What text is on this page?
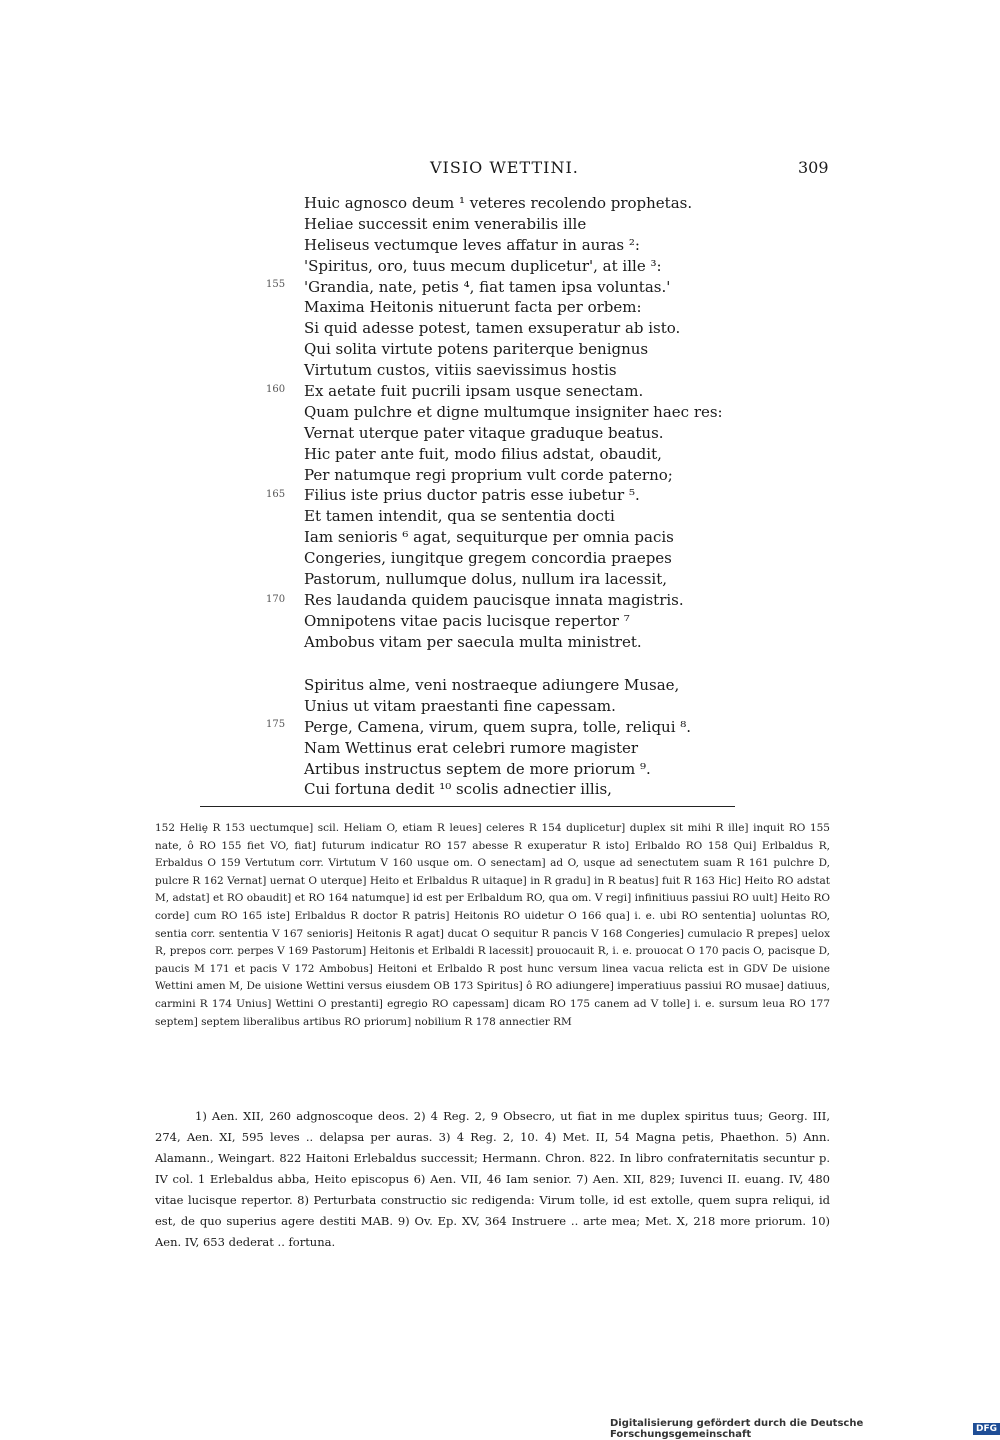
VISIO WETTINI.	309
Huic agnosco deum ¹ veteres recolendo prophetas.
Heliae successit enim venerabilis ille
Heliseus vectumque leves affatur in auras ²:
'Spiritus, oro, tuus mecum duplicetur', at ille ³:
'Grandia, nate, petis ⁴, fiat tamen ipsa voluntas.'
Maxima Heitonis nituerunt facta per orbem:
Si quid adesse potest, tamen exsuperatur ab isto.
Qui solita virtute potens pariterque benignus
Virtutum custos, vitiis saevissimus hostis
Ex aetate fuit pucrili ipsam usque senectam.
Quam pulchre et digne multumque insigniter haec res:
Vernat uterque pater vitaque graduque beatus.
Hic pater ante fuit, modo filius adstat, obaudit,
Per natumque regi proprium vult corde paterno;
Filius iste prius ductor patris esse iubetur ⁵.
Et tamen intendit, qua se sententia docti
Iam senioris ⁶ agat, sequiturque per omnia pacis
Congeries, iungitque gregem concordia praepes
Pastorum, nullumque dolus, nullum ira lacessit,
Res laudanda quidem paucisque innata magistris.
Omnipotens vitae pacis lucisque repertor ⁷
Ambobus vitam per saecula multa ministret.
Spiritus alme, veni nostraeque adiungere Musae,
Unius ut vitam praestanti fine capessam.
Perge, Camena, virum, quem supra, tolle, reliqui ⁸.
Nam Wettinus erat celebri rumore magister
Artibus instructus septem de more priorum ⁹.
Cui fortuna dedit ¹⁰ scolis adnectier illis,
155
160
165
170
175
152 Heliȩ R 153 uectumque] scil. Heliam O, etiam R leues] celeres R 154 duplicetur] duplex sit mihi R ille] inquit RO 155 nate, ô RO 155 fiet VO, fiat] futurum indicatur RO 157 abesse R exuperatur R isto] Erlbaldo RO 158 Qui] Erlbaldus R, Erbaldus O 159 Vertutum corr. Virtutum V 160 usque om. O senectam] ad O, usque ad senectutem suam R 161 pulchre D, pulcre R 162 Vernat] uernat O uterque] Heito et Erlbaldus R uitaque] in R gradu] in R beatus] fuit R 163 Hic] Heito RO adstat M, adstat] et RO obaudit] et RO 164 natumque] id est per Erlbaldum RO, qua om. V regi] infinitiuus passiui RO uult] Heito RO corde] cum RO 165 iste] Erlbaldus R doctor R patris] Heitonis RO uidetur O 166 qua] i. e. ubi RO sententia] uoluntas RO, sentia corr. sententia V 167 senioris] Heitonis R agat] ducat O sequitur R pancis V 168 Congeries] cumulacio R prepes] uelox R, prepos corr. perpes V 169 Pastorum] Heitonis et Erlbaldi R lacessit] prouocauit R, i. e. prouocat O 170 pacis O, pacisque D, paucis M 171 et pacis V 172 Ambobus] Heitoni et Erlbaldo R post hunc versum linea vacua relicta est in GDV De uisione Wettini amen M, De uisione Wettini versus eiusdem OB 173 Spiritus] ô RO adiungere] imperatiuus passiui RO musae] datiuus, carmini R 174 Unius] Wettini O prestanti] egregio RO capessam] dicam RO 175 canem ad V tolle] i. e. sursum leua RO 177 septem] septem liberalibus artibus RO priorum] nobilium R 178 annectier RM

1) Aen. XII, 260 adgnoscoque deos. 2) 4 Reg. 2, 9 Obsecro, ut fiat in me duplex spiritus tuus; Georg. III, 274, Aen. XI, 595 leves .. delapsa per auras. 3) 4 Reg. 2, 10. 4) Met. II, 54 Magna petis, Phaethon. 5) Ann. Alamann., Weingart. 822 Haitoni Erlebaldus successit; Hermann. Chron. 822. In libro confraternitatis secuntur p. IV col. 1 Erlebaldus abba, Heito episcopus 6) Aen. VII, 46 Iam senior. 7) Aen. XII, 829; Iuvenci II. euang. IV, 480 vitae lucisque repertor. 8) Perturbata constructio sic redigenda: Virum tolle, id est extolle, quem supra reliqui, id est, de quo superius agere destiti MAB. 9) Ov. Ep. XV, 364 Instruere .. arte mea; Met. X, 218 more priorum. 10) Aen. IV, 653 dederat .. fortuna.

Digitalisierung gefördert durch die Deutsche Forschungsgemeinschaft	DFG
